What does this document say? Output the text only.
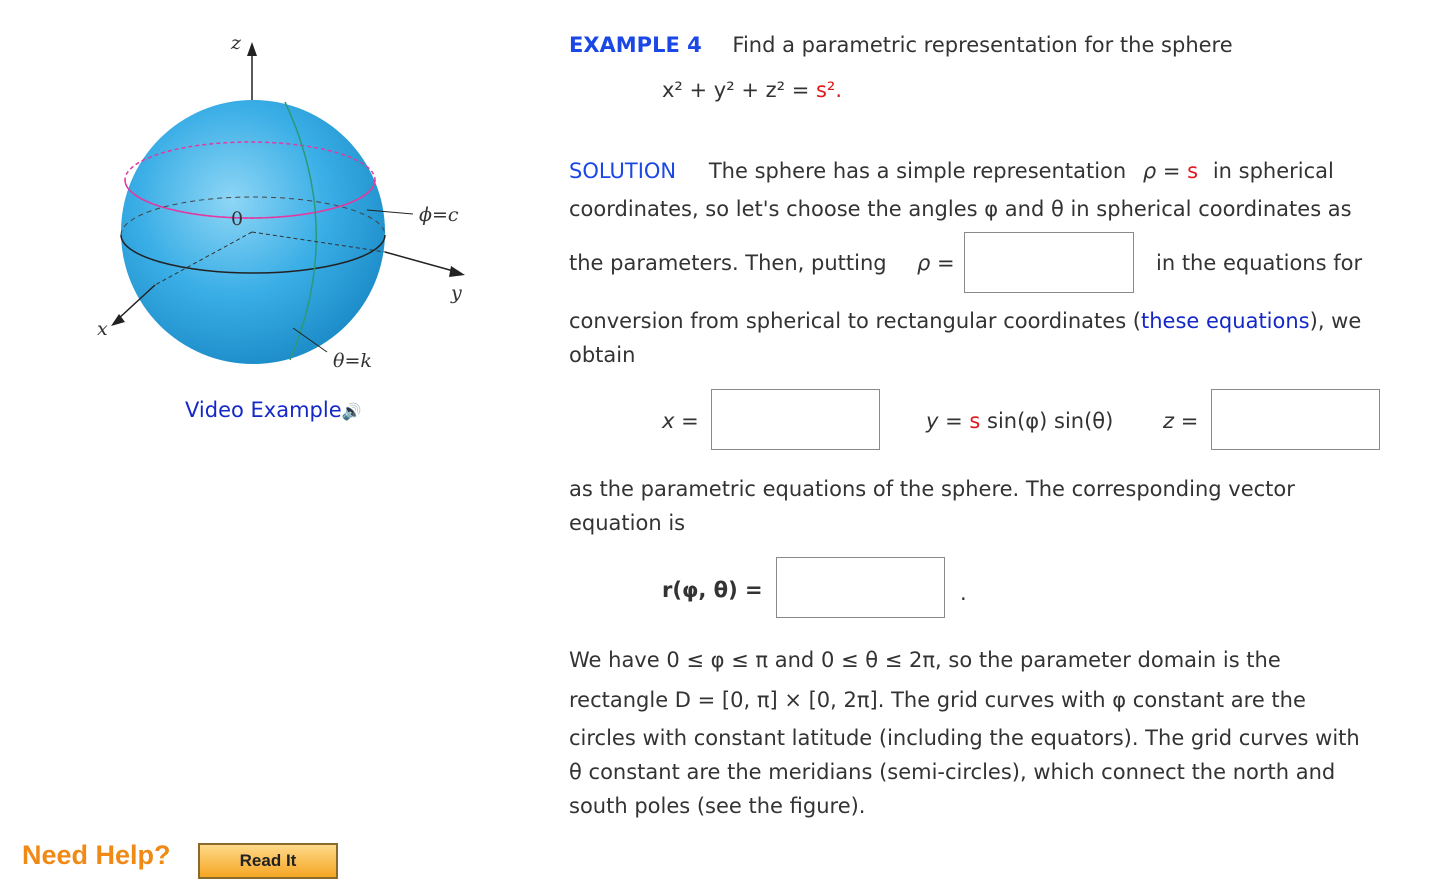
z
x
y
0	ϕ=c
θ=k
Video Example🔊
Need Help?	Read It
EXAMPLE 4 Find a parametric representation for the sphere
x² + y² + z² = s².
SOLUTION The sphere has a simple representation ρ = s in spherical
coordinates, so let's choose the angles φ and θ in spherical coordinates as
the parameters. Then, putting ρ =	in the equations for
conversion from spherical to rectangular coordinates (these equations), we
obtain
x =	y = s sin(φ) sin(θ) z =
as the parametric equations of the sphere. The corresponding vector
equation is
r(φ, θ) =	.
We have 0 ≤ φ ≤ π and 0 ≤ θ ≤ 2π, so the parameter domain is the
rectangle D = [0, π] × [0, 2π]. The grid curves with φ constant are the
circles with constant latitude (including the equators). The grid curves with
θ constant are the meridians (semi-circles), which connect the north and
south poles (see the figure).
